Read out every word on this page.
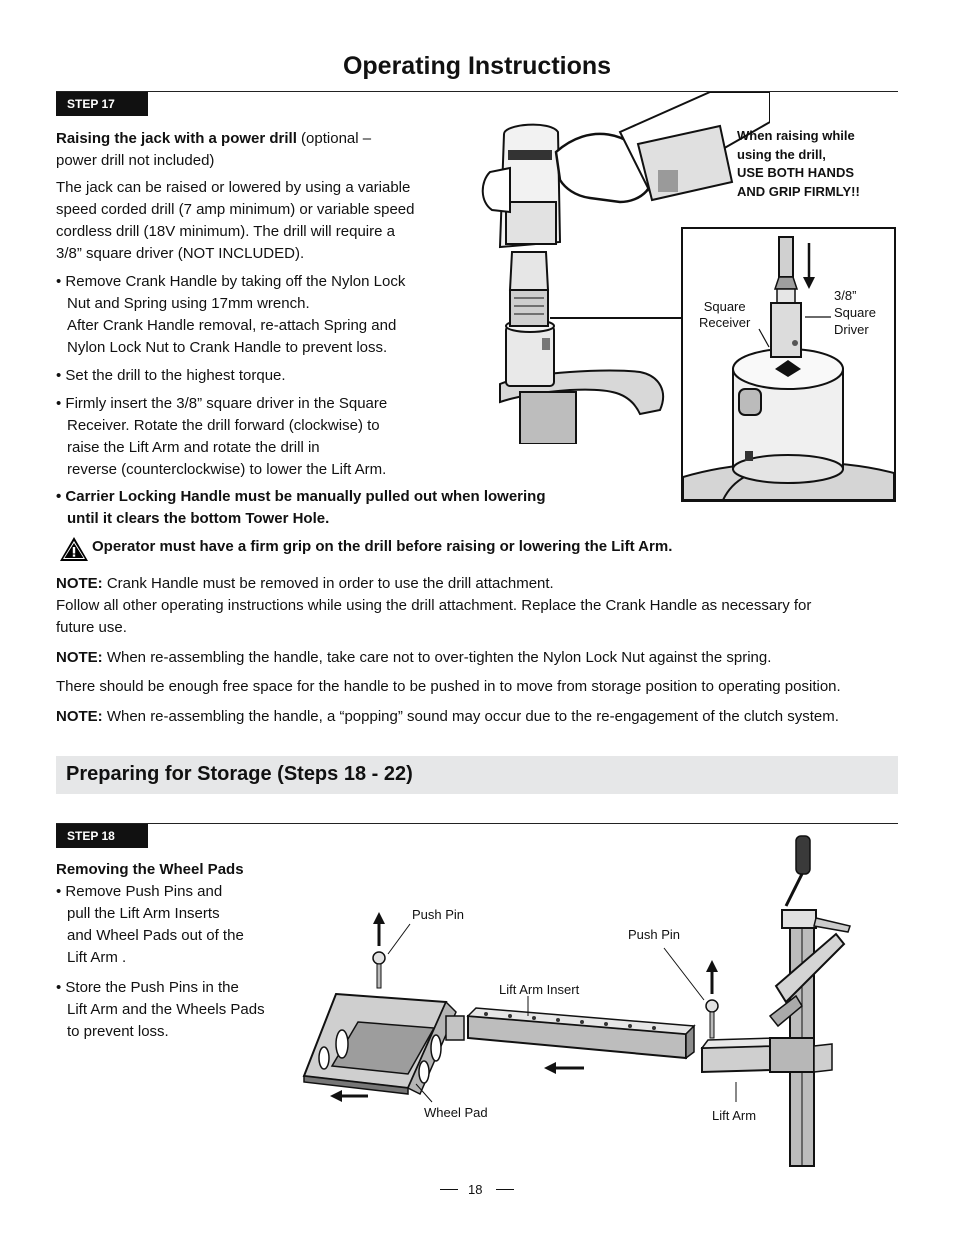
Operating Instructions
STEP 17

Raising the jack with a power drill (optional –

power drill not included)

The jack can be raised or lowered by using a variable

speed corded drill (7 amp minimum) or variable speed

cordless drill (18V minimum). The drill will require a

3/8” square driver (NOT INCLUDED).

• Remove Crank Handle by taking off the Nylon Lock

Nut and Spring using 17mm wrench.

After Crank Handle removal, re-attach Spring and

Nylon Lock Nut to Crank Handle to prevent loss.

• Set the drill to the highest torque.

• Firmly insert the 3/8” square driver in the Square

Receiver. Rotate the drill forward (clockwise) to

raise the Lift Arm and rotate the drill in

reverse (counterclockwise) to lower the Lift Arm.

• Carrier Locking Handle must be manually pulled out when lowering

until it clears the bottom Tower Hole.

Operator must have a firm grip on the drill before raising or lowering the Lift Arm.

NOTE: Crank Handle must be removed in order to use the drill attachment.

Follow all other operating instructions while using the drill attachment. Replace the Crank Handle as necessary for

future use.

NOTE: When re-assembling the handle, take care not to over-tighten the Nylon Lock Nut against the spring.
There should be enough free space for the handle to be pushed in to move from storage position to operating position.
NOTE: When re-assembling the handle, a “popping” sound may occur due to the re-engagement of the clutch system.

When raising while

using the drill,

USE BOTH HANDS

AND GRIP FIRMLY!!

Square

Receiver

3/8”

Square

Driver

Preparing for Storage (Steps 18 - 22)
STEP 18
Removing the Wheel Pads

• Remove Push Pins and

pull the Lift Arm Inserts

and Wheel Pads out of the

Lift Arm .

• Store the Push Pins in the

Lift Arm and the Wheels Pads

to prevent loss.

Push Pin
Push Pin
Lift Arm Insert
Wheel Pad	Lift Arm
18
